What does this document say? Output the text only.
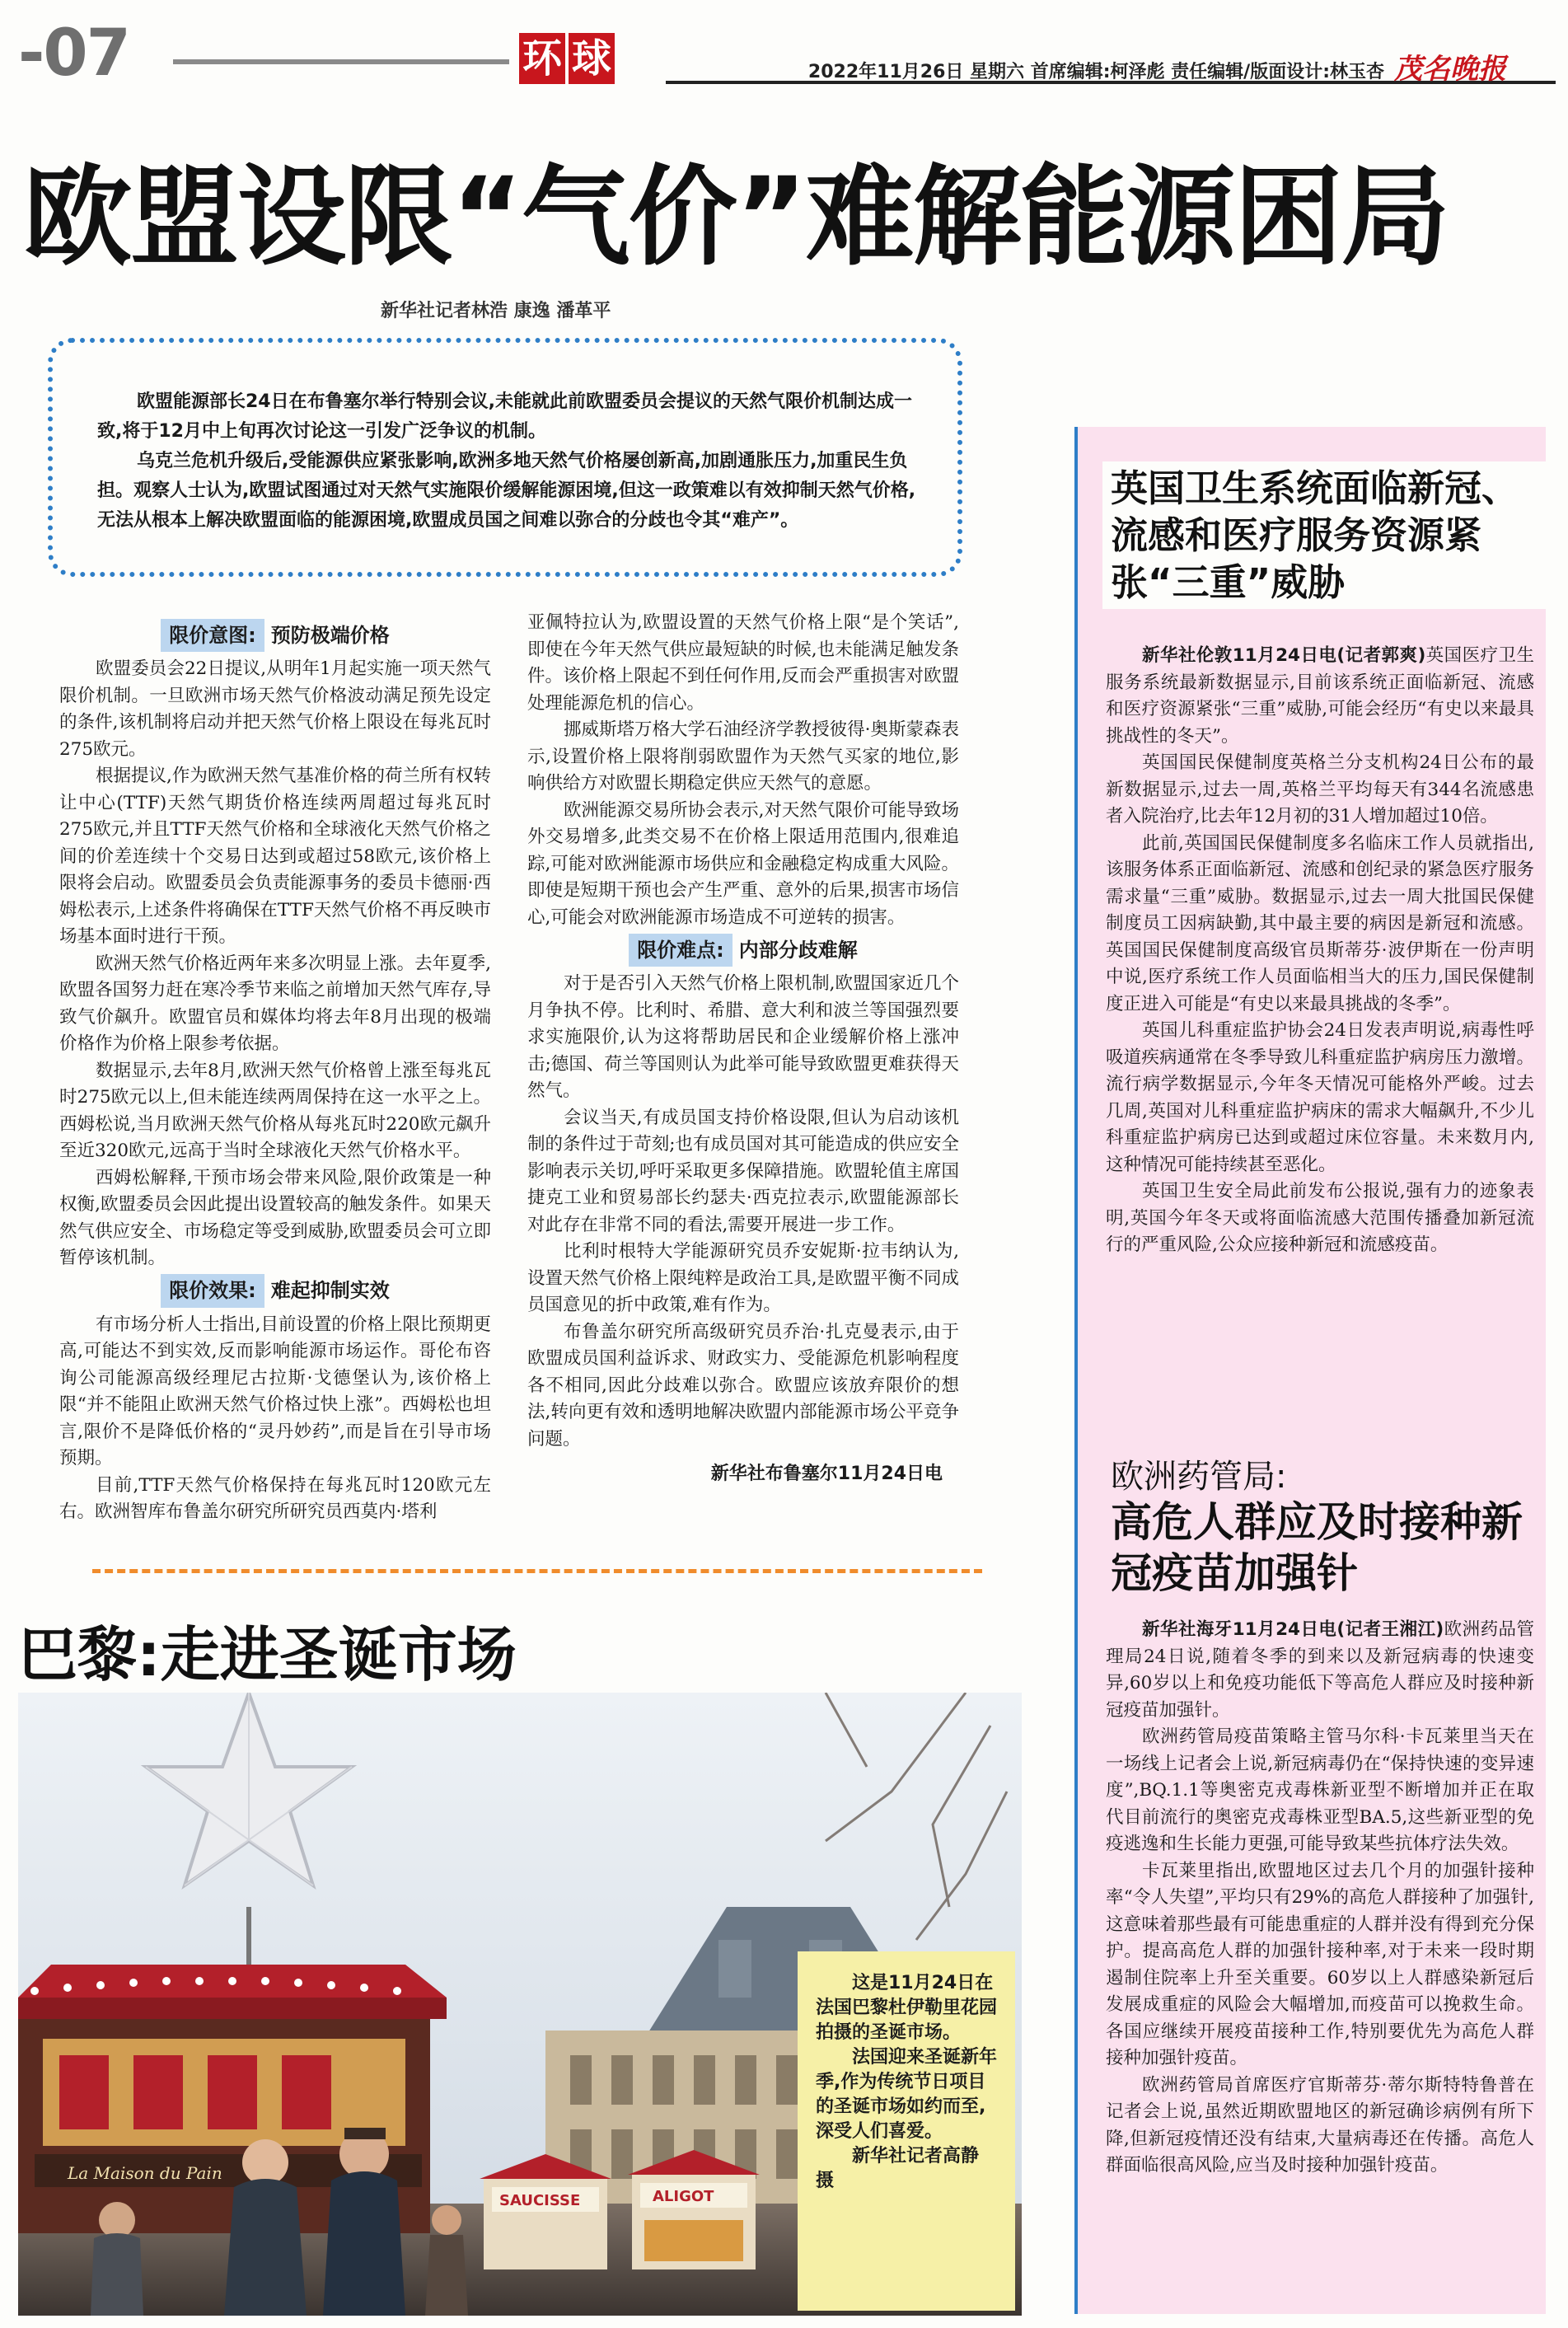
-07	环 球	2022年11月26日 星期六 首席编辑:柯泽彪 责任编辑/版面设计:林玉杏 茂名晚报
欧盟设限“气价”难解能源困局
新华社记者林浩 康逸 潘革平

欧盟能源部长24日在布鲁塞尔举行特别会议,未能就此前欧盟委员会提议的天然气限价机制达成一致,将于12月中上旬再次讨论这一引发广泛争议的机制。

乌克兰危机升级后,受能源供应紧张影响,欧洲多地天然气价格屡创新高,加剧通胀压力,加重民生负担。观察人士认为,欧盟试图通过对天然气实施限价缓解能源困境,但这一政策难以有效抑制天然气价格,无法从根本上解决欧盟面临的能源困境,欧盟成员国之间难以弥合的分歧也令其“难产”。

限价意图: 预防极端价格

欧盟委员会22日提议,从明年1月起实施一项天然气限价机制。一旦欧洲市场天然气价格波动满足预先设定的条件,该机制将启动并把天然气价格上限设在每兆瓦时275欧元。

根据提议,作为欧洲天然气基准价格的荷兰所有权转让中心(TTF)天然气期货价格连续两周超过每兆瓦时275欧元,并且TTF天然气价格和全球液化天然气价格之间的价差连续十个交易日达到或超过58欧元,该价格上限将会启动。欧盟委员会负责能源事务的委员卡德丽·西姆松表示,上述条件将确保在TTF天然气价格不再反映市场基本面时进行干预。

欧洲天然气价格近两年来多次明显上涨。去年夏季,欧盟各国努力赶在寒冷季节来临之前增加天然气库存,导致气价飙升。欧盟官员和媒体均将去年8月出现的极端价格作为价格上限参考依据。

数据显示,去年8月,欧洲天然气价格曾上涨至每兆瓦时275欧元以上,但未能连续两周保持在这一水平之上。西姆松说,当月欧洲天然气价格从每兆瓦时220欧元飙升至近320欧元,远高于当时全球液化天然气价格水平。

西姆松解释,干预市场会带来风险,限价政策是一种权衡,欧盟委员会因此提出设置较高的触发条件。如果天然气供应安全、市场稳定等受到威胁,欧盟委员会可立即暂停该机制。

限价效果: 难起抑制实效

有市场分析人士指出,目前设置的价格上限比预期更高,可能达不到实效,反而影响能源市场运作。哥伦布咨询公司能源高级经理尼古拉斯·戈德堡认为,该价格上限“并不能阻止欧洲天然气价格过快上涨”。西姆松也坦言,限价不是降低价格的“灵丹妙药”,而是旨在引导市场预期。

目前,TTF天然气价格保持在每兆瓦时120欧元左右。欧洲智库布鲁盖尔研究所研究员西莫内·塔利

亚佩特拉认为,欧盟设置的天然气价格上限“是个笑话”,即使在今年天然气供应最短缺的时候,也未能满足触发条件。该价格上限起不到任何作用,反而会严重损害对欧盟处理能源危机的信心。

挪威斯塔万格大学石油经济学教授彼得·奥斯蒙森表示,设置价格上限将削弱欧盟作为天然气买家的地位,影响供给方对欧盟长期稳定供应天然气的意愿。

欧洲能源交易所协会表示,对天然气限价可能导致场外交易增多,此类交易不在价格上限适用范围内,很难追踪,可能对欧洲能源市场供应和金融稳定构成重大风险。即使是短期干预也会产生严重、意外的后果,损害市场信心,可能会对欧洲能源市场造成不可逆转的损害。

限价难点: 内部分歧难解

对于是否引入天然气价格上限机制,欧盟国家近几个月争执不停。比利时、希腊、意大利和波兰等国强烈要求实施限价,认为这将帮助居民和企业缓解价格上涨冲击;德国、荷兰等国则认为此举可能导致欧盟更难获得天然气。

会议当天,有成员国支持价格设限,但认为启动该机制的条件过于苛刻;也有成员国对其可能造成的供应安全影响表示关切,呼吁采取更多保障措施。欧盟轮值主席国捷克工业和贸易部长约瑟夫·西克拉表示,欧盟能源部长对此存在非常不同的看法,需要开展进一步工作。

比利时根特大学能源研究员乔安妮斯·拉韦纳认为,设置天然气价格上限纯粹是政治工具,是欧盟平衡不同成员国意见的折中政策,难有作为。

布鲁盖尔研究所高级研究员乔治·扎克曼表示,由于欧盟成员国利益诉求、财政实力、受能源危机影响程度各不相同,因此分歧难以弥合。欧盟应该放弃限价的想法,转向更有效和透明地解决欧盟内部能源市场公平竞争问题。

新华社布鲁塞尔11月24日电
巴黎:走进圣诞市场
La Maison du Pain
SAUCISSE	ALIGOT

这是11月24日在法国巴黎杜伊勒里花园拍摄的圣诞市场。

法国迎来圣诞新年季,作为传统节日项目的圣诞市场如约而至,深受人们喜爱。

新华社记者高静 摄

英国卫生系统面临新冠、流感和医疗服务资源紧张“三重”威胁

新华社伦敦11月24日电(记者郭爽)英国医疗卫生服务系统最新数据显示,目前该系统正面临新冠、流感和医疗资源紧张“三重”威胁,可能会经历“有史以来最具挑战性的冬天”。

英国国民保健制度英格兰分支机构24日公布的最新数据显示,过去一周,英格兰平均每天有344名流感患者入院治疗,比去年12月初的31人增加超过10倍。

此前,英国国民保健制度多名临床工作人员就指出,该服务体系正面临新冠、流感和创纪录的紧急医疗服务需求量“三重”威胁。数据显示,过去一周大批国民保健制度员工因病缺勤,其中最主要的病因是新冠和流感。英国国民保健制度高级官员斯蒂芬·波伊斯在一份声明中说,医疗系统工作人员面临相当大的压力,国民保健制度正进入可能是“有史以来最具挑战的冬季”。

英国儿科重症监护协会24日发表声明说,病毒性呼吸道疾病通常在冬季导致儿科重症监护病房压力激增。流行病学数据显示,今年冬天情况可能格外严峻。过去几周,英国对儿科重症监护病床的需求大幅飙升,不少儿科重症监护病房已达到或超过床位容量。未来数月内,这种情况可能持续甚至恶化。

英国卫生安全局此前发布公报说,强有力的迹象表明,英国今年冬天或将面临流感大范围传播叠加新冠流行的严重风险,公众应接种新冠和流感疫苗。

欧洲药管局:
高危人群应及时接种新冠疫苗加强针

新华社海牙11月24日电(记者王湘江)欧洲药品管理局24日说,随着冬季的到来以及新冠病毒的快速变异,60岁以上和免疫功能低下等高危人群应及时接种新冠疫苗加强针。

欧洲药管局疫苗策略主管马尔科·卡瓦莱里当天在一场线上记者会上说,新冠病毒仍在“保持快速的变异速度”,BQ.1.1等奥密克戎毒株新亚型不断增加并正在取代目前流行的奥密克戎毒株亚型BA.5,这些新亚型的免疫逃逸和生长能力更强,可能导致某些抗体疗法失效。

卡瓦莱里指出,欧盟地区过去几个月的加强针接种率“令人失望”,平均只有29%的高危人群接种了加强针,这意味着那些最有可能患重症的人群并没有得到充分保护。提高高危人群的加强针接种率,对于未来一段时期遏制住院率上升至关重要。60岁以上人群感染新冠后发展成重症的风险会大幅增加,而疫苗可以挽救生命。各国应继续开展疫苗接种工作,特别要优先为高危人群接种加强针疫苗。

欧洲药管局首席医疗官斯蒂芬·蒂尔斯特特鲁普在记者会上说,虽然近期欧盟地区的新冠确诊病例有所下降,但新冠疫情还没有结束,大量病毒还在传播。高危人群面临很高风险,应当及时接种加强针疫苗。
